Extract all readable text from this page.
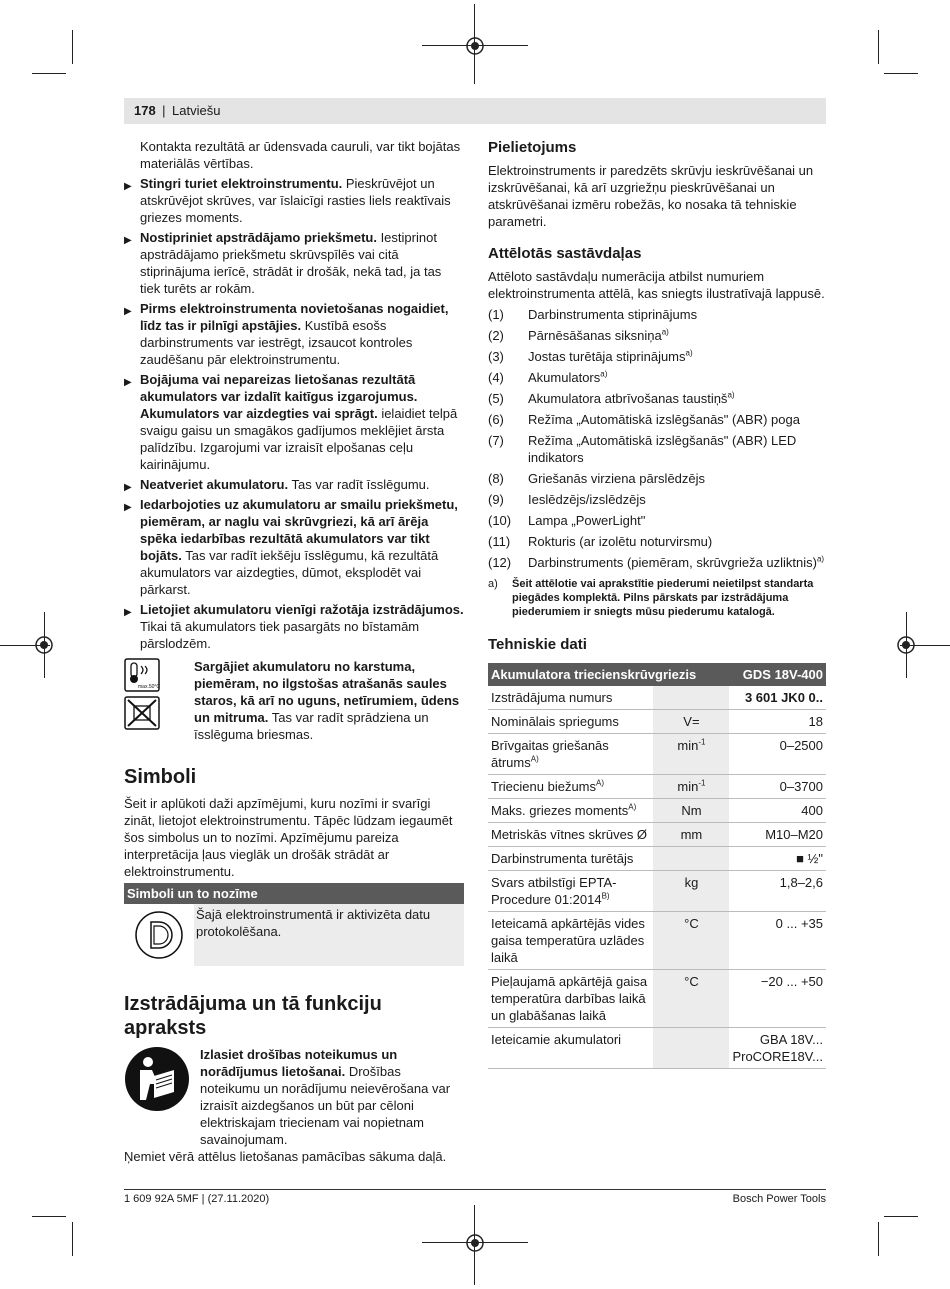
178 | Latviešu

Kontakta rezultātā ar ūdensvada cauruli, var tikt bojātas materiālās vērtības.

▶ Stingri turiet elektroinstrumentu. Pieskrūvējot un atskrūvējot skrūves, var īslaicīgi rasties liels reaktīvais griezes moments.
▶ Nostipriniet apstrādājamo priekšmetu. Iestiprinot apstrādājamo priekšmetu skrūvspīlēs vai citā stiprinājuma ierīcē, strādāt ir drošāk, nekā tad, ja tas tiek turēts ar rokām.
▶ Pirms elektroinstrumenta novietošanas nogaidiet, līdz tas ir pilnīgi apstājies. Kustībā esošs darbinstruments var iestrēgt, izsaucot kontroles zaudēšanu pār elektroinstrumentu.
▶ Bojājuma vai nepareizas lietošanas rezultātā akumulators var izdalīt kaitīgus izgarojumus. Akumulators var aizdegties vai sprāgt. ielaidiet telpā svaigu gaisu un smagākos gadījumos meklējiet ārsta palīdzību. Izgarojumi var izraisīt elpošanas ceļu kairinājumu.
▶ Neatveriet akumulatoru. Tas var radīt īsslēgumu.
▶ Iedarbojoties uz akumulatoru ar smailu priekšmetu, piemēram, ar naglu vai skrūvgriezi, kā arī ārēja spēka iedarbības rezultātā akumulators var tikt bojāts. Tas var radīt iekšēju īsslēgumu, kā rezultātā akumulators var aizdegties, dūmot, eksplodēt vai pārkarst.
▶ Lietojiet akumulatoru vienīgi ražotāja izstrādājumos. Tikai tā akumulators tiek pasargāts no bīstamām pārslodzēm.
max.50°C

Sargājiet akumulatoru no karstuma, piemēram, no ilgstošas atrašanās saules staros, kā arī no uguns, netīrumiem, ūdens un mitruma. Tas var radīt sprādziena un īsslēguma briesmas.

Simboli

Šeit ir aplūkoti daži apzīmējumi, kuru nozīmi ir svarīgi zināt, lietojot elektroinstrumentu. Tāpēc lūdzam iegaumēt šos simbolus un to nozīmi. Apzīmējumu pareiza interpretācija ļaus vieglāk un drošāk strādāt ar elektroinstrumentu.

Simboli un to nozīme

Šajā elektroinstrumentā ir aktivizēta datu protokolēšana.

Izstrādājuma un tā funkciju apraksts

Izlasiet drošības noteikumus un norādījumus lietošanai. Drošības noteikumu un norādījumu neievērošana var izraisīt aizdegšanos un būt par cēloni elektriskajam triecienam vai nopietnam savainojumam.

Ņemiet vērā attēlus lietošanas pamācības sākuma daļā.

Pielietojums

Elektroinstruments ir paredzēts skrūvju ieskrūvēšanai un izskrūvēšanai, kā arī uzgriežņu pieskrūvēšanai un atskrūvēšanai izmēru robežās, ko nosaka tā tehniskie parametri.

Attēlotās sastāvdaļas

Attēloto sastāvdaļu numerācija atbilst numuriem elektroinstrumenta attēlā, kas sniegts ilustratīvajā lappusē.

(1)	Darbinstrumenta stiprinājums
(2)	Pārnēsāšanas siksniņa$^{a)}$
(3)	Jostas turētāja stiprinājums$^{a)}$
(4)	Akumulators$^{a)}$
(5)	Akumulatora atbrīvošanas taustiņš$^{a)}$
(6)	Režīma „Automātiskā izslēgšanās" (ABR) poga
(7)	Režīma „Automātiskā izslēgšanās" (ABR) LED indikators
(8)	Griešanās virziena pārslēdzējs
(9)	Ieslēdzējs/izslēdzējs
(10)	Lampa „PowerLight"
(11)	Rokturis (ar izolētu noturvirsmu)
(12)	Darbinstruments (piemēram, skrūvgrieža uzliktnis)$^{a)}$
a)	Šeit attēlotie vai aprakstītie piederumi neietilpst standarta piegādes komplektā. Pilns pārskats par izstrādājuma piederumiem ir sniegts mūsu piederumu katalogā.
Tehniskie dati
Akumulatora triecienskrūvgriezis		GDS 18V-400
Izstrādājuma numurs		3 601 JK0 0..
Nominālais spriegums	V=	18
Brīvgaitas griešanās ātrums$^{A)}$	$\min^{-1}$	0–2500
Triecienu biežums$^{A)}$	$\min^{-1}$	0–3700
Maks. griezes moments$^{A)}$	Nm	400
Metriskās vītnes skrūves Ø	mm	M10–M20
Darbinstrumenta turētājs		■ ½"
Svars atbilstīgi EPTA-Procedure $01:2014^{B)}$	kg	1,8–2,6
Ieteicamā apkārtējās vides gaisa temperatūra uzlādes laikā	°C	0 ... +35
Pieļaujamā apkārtējā gaisa temperatūra darbības laikā un glabāšanas laikā	°C	−20 ... +50
Ieteicamie akumulatori		GBA 18V... ProCORE18V...
1 609 92A 5MF | (27.11.2020)	Bosch Power Tools
